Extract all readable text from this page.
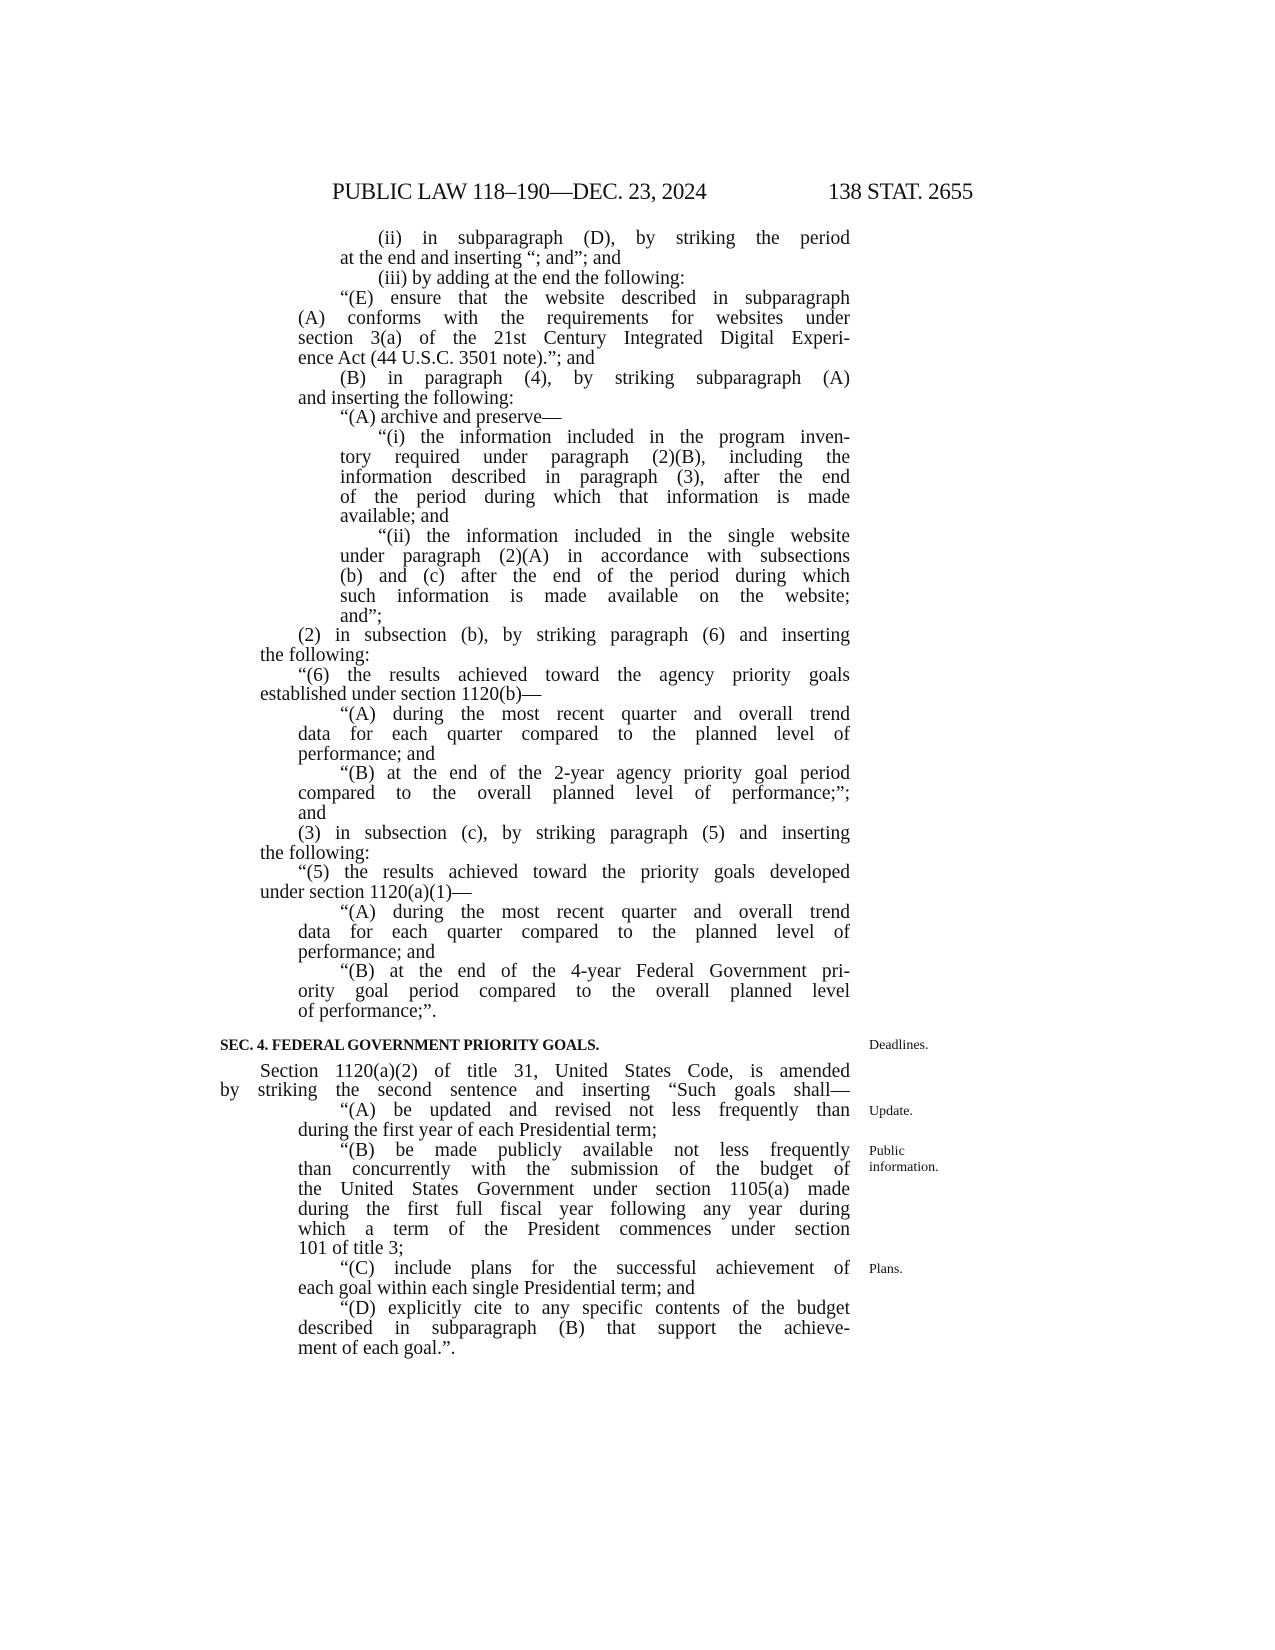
PUBLIC LAW 118–190—DEC. 23, 2024	138 STAT. 2655
(ii) in subparagraph (D), by striking the period
at the end and inserting “; and”; and
(iii) by adding at the end the following:
“(E) ensure that the website described in subparagraph
(A) conforms with the requirements for websites under
section 3(a) of the 21st Century Integrated Digital Experi-
ence Act (44 U.S.C. 3501 note).”; and
(B) in paragraph (4), by striking subparagraph (A)
and inserting the following:
“(A) archive and preserve—
“(i) the information included in the program inven-
tory required under paragraph (2)(B), including the
information described in paragraph (3), after the end
of the period during which that information is made
available; and
“(ii) the information included in the single website
under paragraph (2)(A) in accordance with subsections
(b) and (c) after the end of the period during which
such information is made available on the website;
and”;
(2) in subsection (b), by striking paragraph (6) and inserting
the following:
“(6) the results achieved toward the agency priority goals
established under section 1120(b)—
“(A) during the most recent quarter and overall trend
data for each quarter compared to the planned level of
performance; and
“(B) at the end of the 2-year agency priority goal period
compared to the overall planned level of performance;”;
and
(3) in subsection (c), by striking paragraph (5) and inserting
the following:
“(5) the results achieved toward the priority goals developed
under section 1120(a)(1)—
“(A) during the most recent quarter and overall trend
data for each quarter compared to the planned level of
performance; and
“(B) at the end of the 4-year Federal Government pri-
ority goal period compared to the overall planned level
of performance;”.
Section 1120(a)(2) of title 31, United States Code, is amended
by striking the second sentence and inserting “Such goals shall—
“(A) be updated and revised not less frequently than
during the first year of each Presidential term;
“(B) be made publicly available not less frequently
than concurrently with the submission of the budget of
the United States Government under section 1105(a) made
during the first full fiscal year following any year during
which a term of the President commences under section
101 of title 3;
“(C) include plans for the successful achievement of
each goal within each single Presidential term; and
“(D) explicitly cite to any specific contents of the budget
described in subparagraph (B) that support the achieve-
ment of each goal.”.
SEC. 4. FEDERAL GOVERNMENT PRIORITY GOALS.	Deadlines.
Update.
Public
information.
Plans.
